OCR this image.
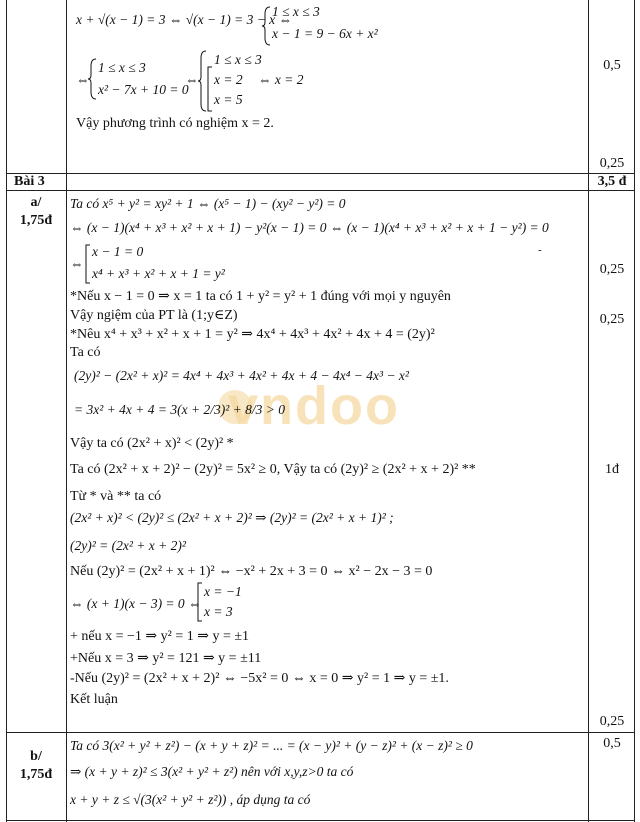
vndoo
x + √(x − 1) = 3 ⇔ √(x − 1) = 3 − x ⇔
1 ≤ x ≤ 3
x − 1 = 9 − 6x + x²
⇔
1 ≤ x ≤ 3
x² − 7x + 10 = 0
⇔
1 ≤ x ≤ 3
x = 2
x = 5
⇔ x = 2
Vậy phương trình có nghiệm x = 2.
0,5
0,25
Bài 3	3,5 đ
a/
1,75đ
Ta có x⁵ + y² = xy² + 1 ⇔ (x⁵ − 1) − (xy² − y²) = 0
⇔ (x − 1)(x⁴ + x³ + x² + x + 1) − y²(x − 1) = 0 ⇔ (x − 1)(x⁴ + x³ + x² + x + 1 − y²) = 0
-
⇔
x − 1 = 0
x⁴ + x³ + x² + x + 1 = y²
*Nếu x − 1 = 0 ⇒ x = 1 ta có 1 + y² = y² + 1 đúng với mọi y nguyên
Vậy ngiệm của PT là (1;y∈Z)
*Nêu x⁴ + x³ + x² + x + 1 = y² ⇒ 4x⁴ + 4x³ + 4x² + 4x + 4 = (2y)²
Ta có
(2y)² − (2x² + x)² = 4x⁴ + 4x³ + 4x² + 4x + 4 − 4x⁴ − 4x³ − x²
= 3x² + 4x + 4 = 3(x + 2/3)² + 8/3 > 0
Vậy ta có (2x² + x)² < (2y)² *
Ta có (2x² + x + 2)² − (2y)² = 5x² ≥ 0, Vậy ta có (2y)² ≥ (2x² + x + 2)² **
Từ * và ** ta có
(2x² + x)² < (2y)² ≤ (2x² + x + 2)² ⇒ (2y)² = (2x² + x + 1)² ;
(2y)² = (2x² + x + 2)²
Nếu (2y)² = (2x² + x + 1)² ⇔ −x² + 2x + 3 = 0 ⇔ x² − 2x − 3 = 0
⇔ (x + 1)(x − 3) = 0 ⇔
x = −1
x = 3
+ nếu x = −1 ⇒ y² = 1 ⇒ y = ±1
+Nếu x = 3 ⇒ y² = 121 ⇒ y = ±11
-Nếu (2y)² = (2x² + x + 2)² ⇔ −5x² = 0 ⇔ x = 0 ⇒ y² = 1 ⇒ y = ±1.
Kết luận
0,25
0,25
1đ
0,25
b/
1,75đ
Ta có 3(x² + y² + z²) − (x + y + z)² = ... = (x − y)² + (y − z)² + (x − z)² ≥ 0
⇒ (x + y + z)² ≤ 3(x² + y² + z²) nên với x,y,z>0 ta có
x + y + z ≤ √(3(x² + y² + z²)) , áp dụng ta có
0,5
